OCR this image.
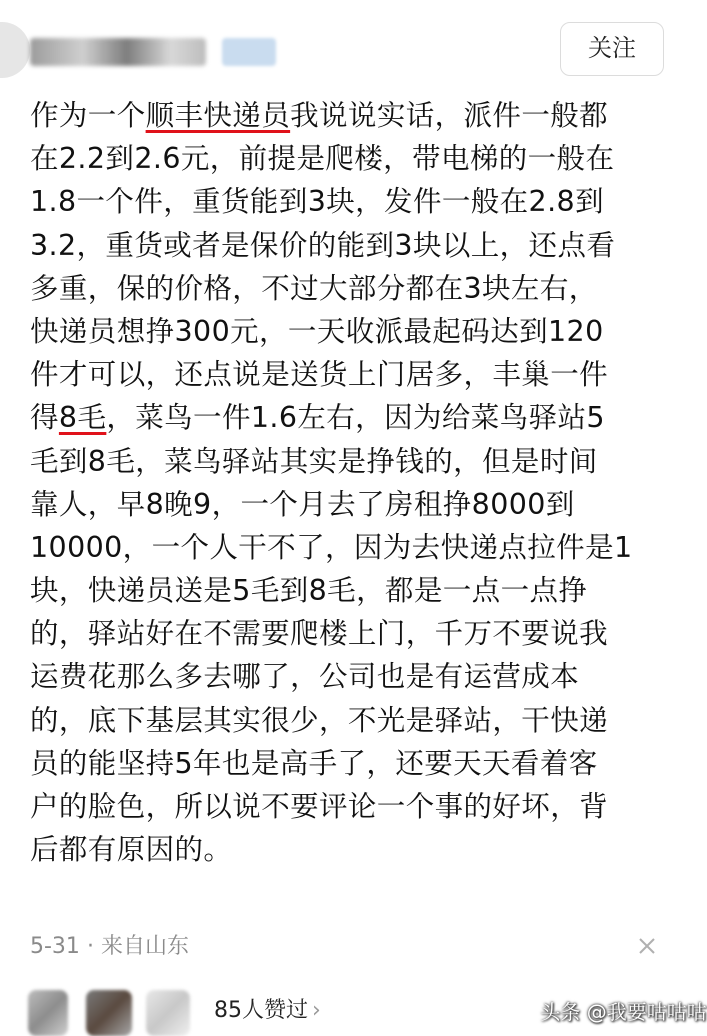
关注
作为一个顺丰快递员我说说实话，派件一般都
在2.2到2.6元，前提是爬楼，带电梯的一般在
1.8一个件，重货能到3块，发件一般在2.8到
3.2，重货或者是保价的能到3块以上，还点看
多重，保的价格，不过大部分都在3块左右，
快递员想挣300元，一天收派最起码达到120
件才可以，还点说是送货上门居多，丰巢一件
得8毛，菜鸟一件1.6左右，因为给菜鸟驿站5
毛到8毛，菜鸟驿站其实是挣钱的，但是时间
靠人，早8晚9，一个月去了房租挣8000到
10000，一个人干不了，因为去快递点拉件是1
块，快递员送是5毛到8毛，都是一点一点挣
的，驿站好在不需要爬楼上门，千万不要说我
运费花那么多去哪了，公司也是有运营成本
的，底下基层其实很少，不光是驿站，干快递
员的能坚持5年也是高手了，还要天天看着客
户的脸色，所以说不要评论一个事的好坏，背
后都有原因的。
5-31 · 来自山东
85人赞过 ›	头条 @我要咕咕咕
